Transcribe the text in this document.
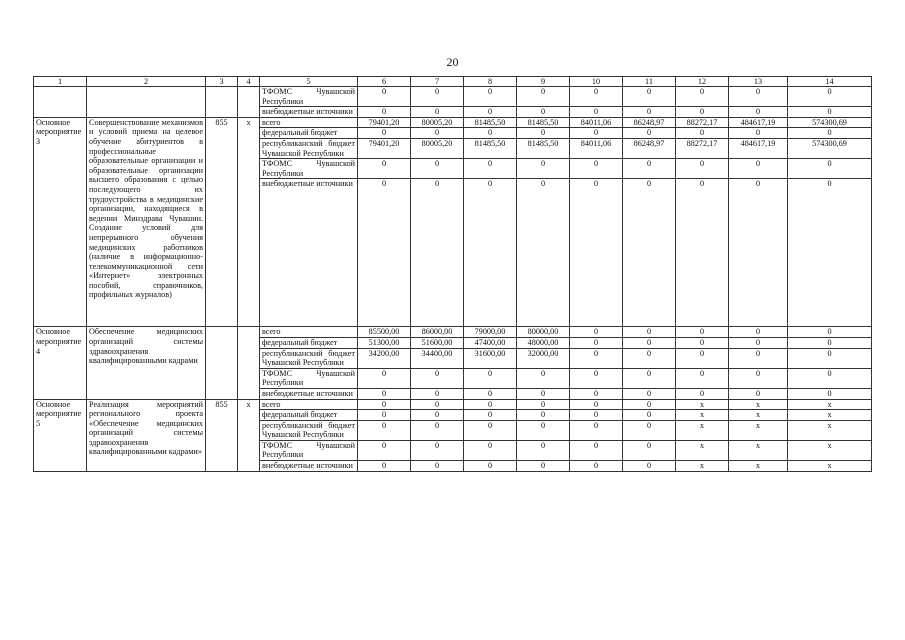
20
1	2	3	4	5	6	7	8	9	10	11	12	13	14
				ТФОМС Чувашской Республики	0	0	0	0	0	0	0	0	0
				внебюджетные источники	0	0	0	0	0	0	0	0	0
Основное мероприятие 3	Совершенствование механизмов и условий приема на целевое обучение абитуриентов в профессиональные образовательные организации и образовательные организации высшего образования с целью последующего их трудоустройства в медицинские организации, находящиеся в ведении Минздрава Чувашии. Создание условий для непрерывного обучения медицинских работников (наличие в информационно-телекоммуникационной сети «Интернет» электронных пособий, справочников, профильных журналов)	855	x	всего	79401,20	80005,20	81485,50	81485,50	84011,06	86248,97	88272,17	484617,19	574300,69
				федеральный бюджет	0	0	0	0	0	0	0	0	0
				республиканский бюджет Чувашской Республики	79401,20	80005,20	81485,50	81485,50	84011,06	86248,97	88272,17	484617,19	574300,69
				ТФОМС Чувашской Республики	0	0	0	0	0	0	0	0	0
				внебюджетные источники	0	0	0	0	0	0	0	0	0
Основное мероприятие 4	Обеспечение медицинских организаций системы здравоохранения квалифицированными кадрами			всего	85500,00	86000,00	79000,00	80000,00	0	0	0	0	0
				федеральный бюджет	51300,00	51600,00	47400,00	48000,00	0	0	0	0	0
				республиканский бюджет Чувашской Республики	34200,00	34400,00	31600,00	32000,00	0	0	0	0	0
				ТФОМС Чувашской Республики	0	0	0	0	0	0	0	0	0
				внебюджетные источники	0	0	0	0	0	0	0	0	0
Основное мероприятие 5	Реализация мероприятий регионального проекта «Обеспечение медицинских организаций системы здравоохранения квалифицированными кадрами»	855	x	всего	0	0	0	0	0	0	x	x	x
				федеральный бюджет	0	0	0	0	0	0	x	x	x
				республиканский бюджет Чувашской Республики	0	0	0	0	0	0	x	x	x
				ТФОМС Чувашской Республики	0	0	0	0	0	0	x	x	x
				внебюджетные источники	0	0	0	0	0	0	x	x	x
